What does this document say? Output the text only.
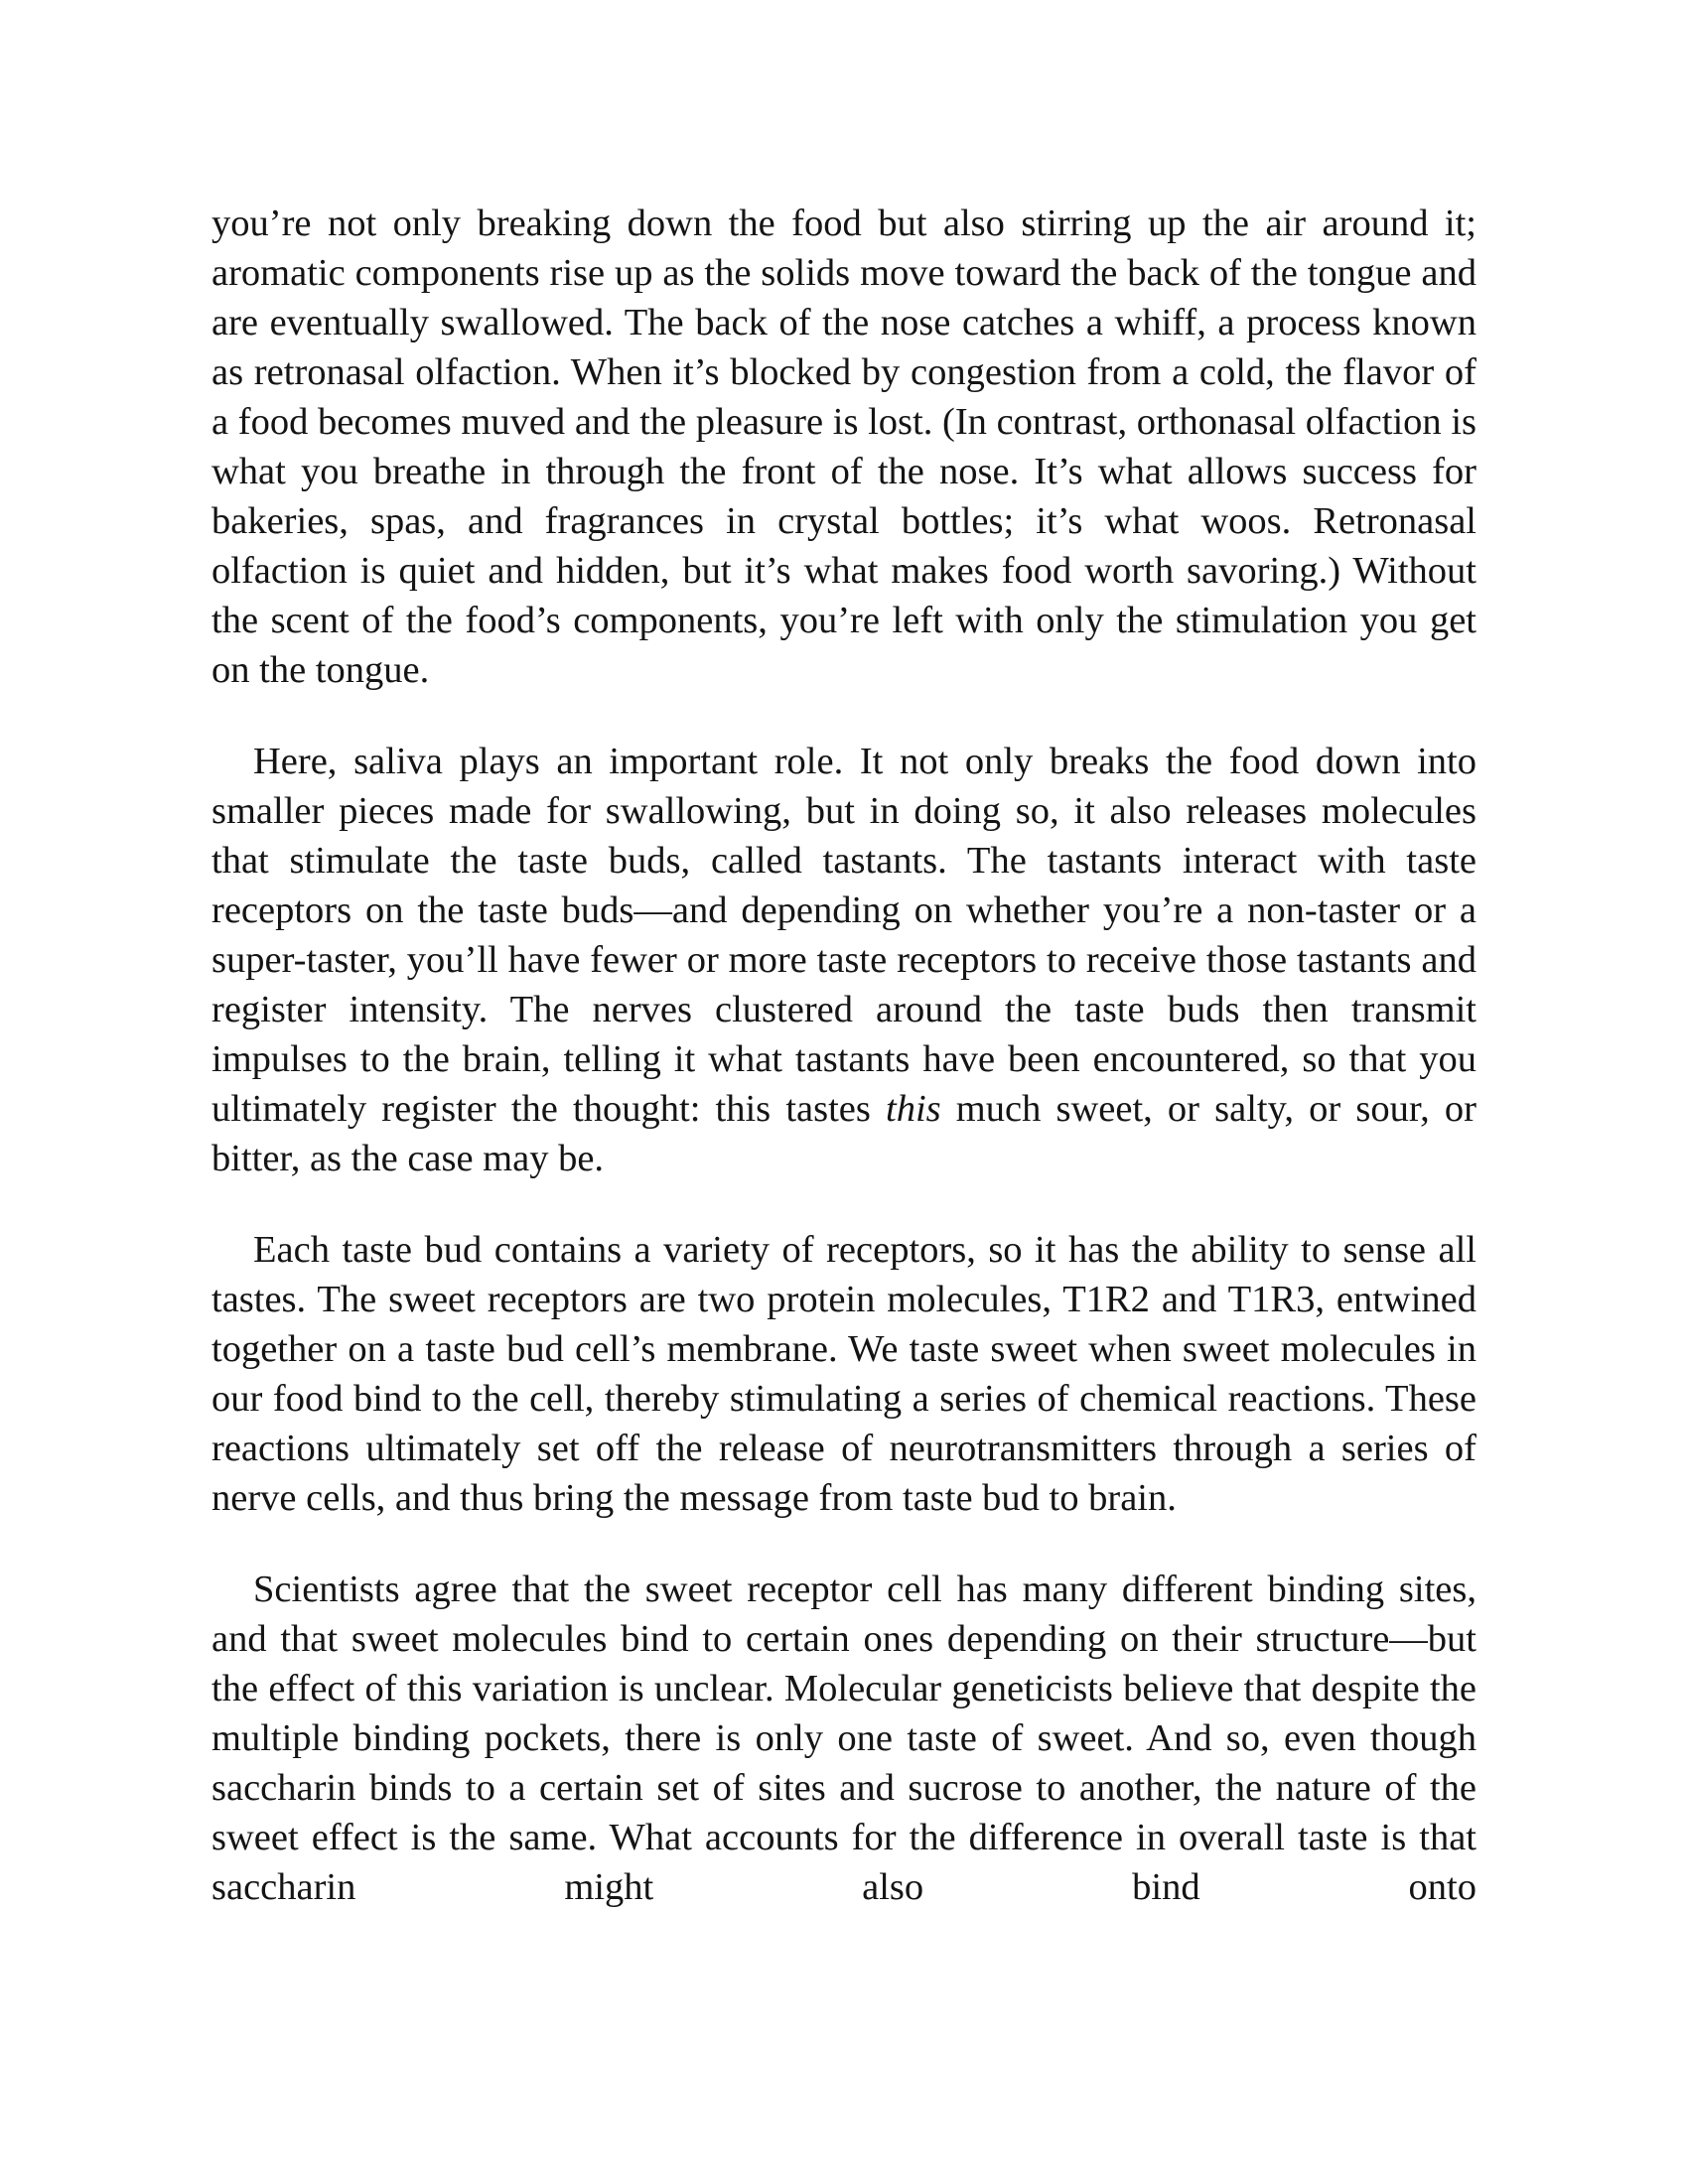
you’re not only breaking down the food but also stirring up the air around it; aromatic components rise up as the solids move toward the back of the tongue and are eventually swallowed. The back of the nose catches a whiff, a process known as retronasal olfaction. When it’s blocked by congestion from a cold, the flavor of a food becomes muved and the pleasure is lost. (In contrast, orthonasal olfaction is what you breathe in through the front of the nose. It’s what allows success for bakeries, spas, and fragrances in crystal bottles; it’s what woos. Retronasal olfaction is quiet and hidden, but it’s what makes food worth savoring.) Without the scent of the food’s components, you’re left with only the stimulation you get on the tongue.

Here, saliva plays an important role. It not only breaks the food down into smaller pieces made for swallowing, but in doing so, it also releases molecules that stimulate the taste buds, called tastants. The tastants interact with taste receptors on the taste buds—and depending on whether you’re a non-taster or a super-taster, you’ll have fewer or more taste receptors to receive those tastants and register intensity. The nerves clustered around the taste buds then transmit impulses to the brain, telling it what tastants have been encountered, so that you ultimately register the thought: this tastes this much sweet, or salty, or sour, or bitter, as the case may be.

Each taste bud contains a variety of receptors, so it has the ability to sense all tastes. The sweet receptors are two protein molecules, T1R2 and T1R3, entwined together on a taste bud cell’s membrane. We taste sweet when sweet molecules in our food bind to the cell, thereby stimulating a series of chemical reactions. These reactions ultimately set off the release of neurotransmitters through a series of nerve cells, and thus bring the message from taste bud to brain.

Scientists agree that the sweet receptor cell has many different binding sites, and that sweet molecules bind to certain ones depending on their structure—but the effect of this variation is unclear. Molecular geneticists believe that despite the multiple binding pockets, there is only one taste of sweet. And so, even though saccharin binds to a certain set of sites and sucrose to another, the nature of the sweet effect is the same. What accounts for the difference in overall taste is that saccharin might also bind onto
